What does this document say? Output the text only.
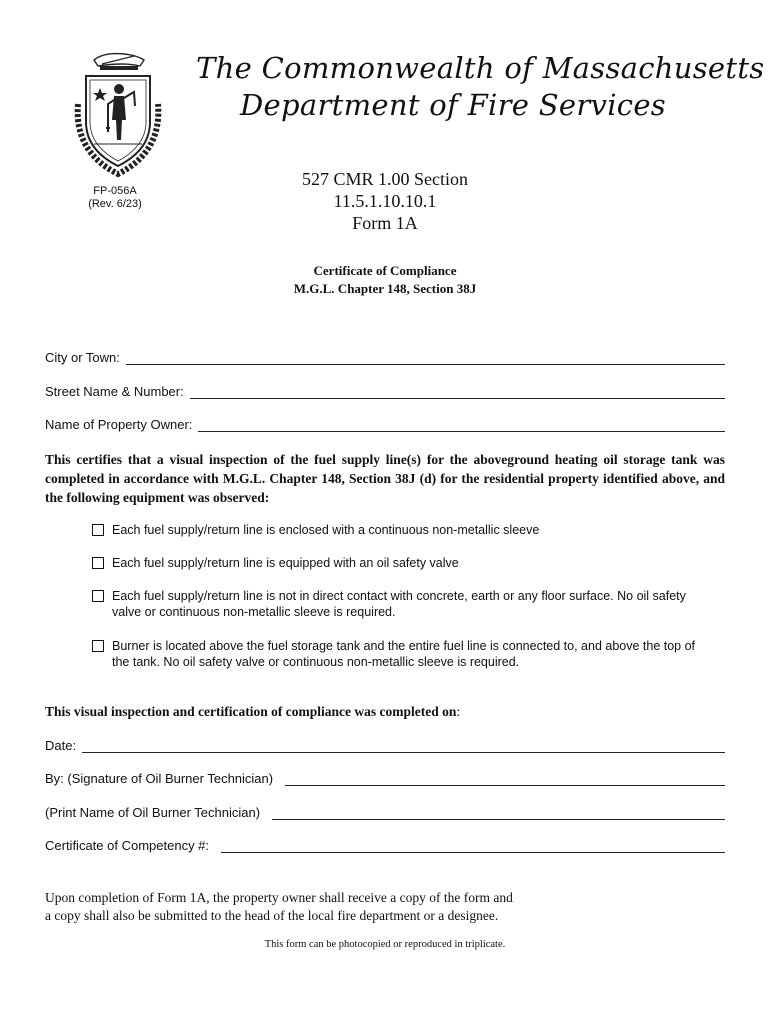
The Commonwealth of Massachusetts
Department of Fire Services
FP-056A
(Rev. 6/23)
527 CMR 1.00 Section
11.5.1.10.10.1
Form 1A
Certificate of Compliance
M.G.L. Chapter 148, Section 38J
City or Town:
Street Name & Number:
Name of Property Owner:
This certifies that a visual inspection of the fuel supply line(s) for the aboveground heating oil storage tank was completed in accordance with M.G.L. Chapter 148, Section 38J (d) for the residential property identified above, and the following equipment was observed:
Each fuel supply/return line is enclosed with a continuous non-metallic sleeve
Each fuel supply/return line is equipped with an oil safety valve
Each fuel supply/return line is not in direct contact with concrete, earth or any floor surface. No oil safety valve or continuous non-metallic sleeve is required.
Burner is located above the fuel storage tank and the entire fuel line is connected to, and above the top of the tank. No oil safety valve or continuous non-metallic sleeve is required.
This visual inspection and certification of compliance was completed on:
Date:
By: (Signature of Oil Burner Technician)
(Print Name of Oil Burner Technician)
Certificate of Competency #:
Upon completion of Form 1A, the property owner shall receive a copy of the form and
a copy shall also be submitted to the head of the local fire department or a designee.
This form can be photocopied or reproduced in triplicate.
